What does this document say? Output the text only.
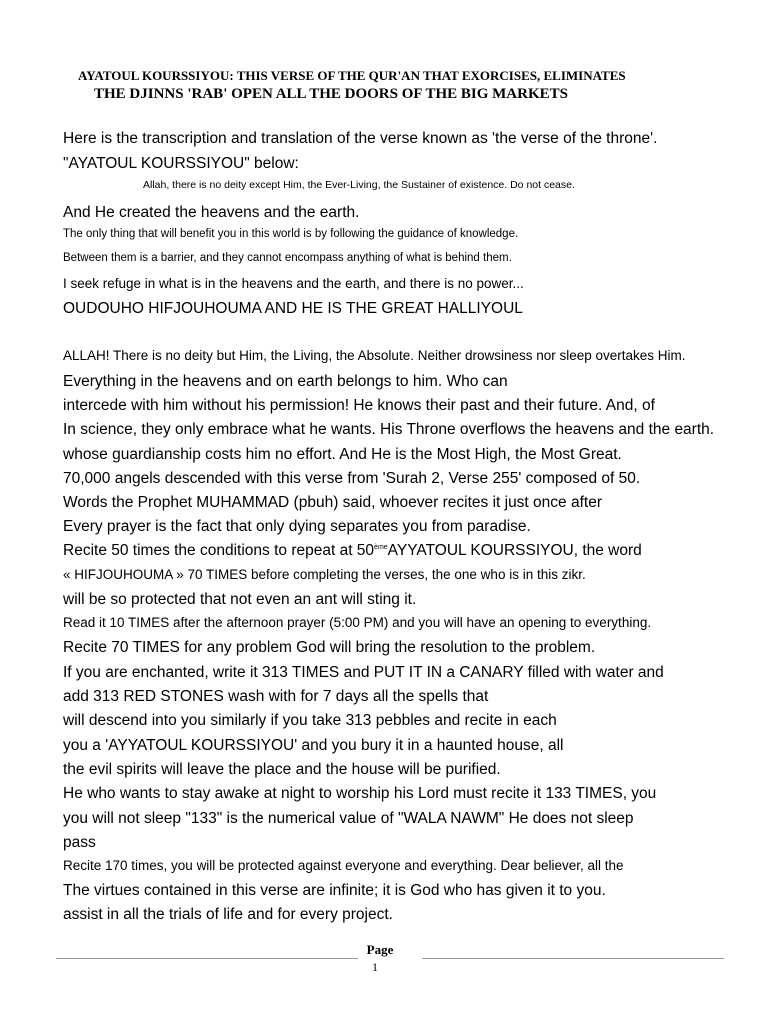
AYATOUL KOURSSIYOU: THIS VERSE OF THE QUR'AN THAT EXORCISES, ELIMINATES
THE DJINNS 'RAB' OPEN ALL THE DOORS OF THE BIG MARKETS
Here is the transcription and translation of the verse known as 'the verse of the throne'.
"AYATOUL KOURSSIYOU" below:
Allah, there is no deity except Him, the Ever-Living, the Sustainer of existence. Do not cease.
And He created the heavens and the earth.
The only thing that will benefit you in this world is by following the guidance of knowledge.
Between them is a barrier, and they cannot encompass anything of what is behind them.
I seek refuge in what is in the heavens and the earth, and there is no power...
OUDOUHO HIFJOUHOUMA AND HE IS THE GREAT HALLIYOUL
ALLAH! There is no deity but Him, the Living, the Absolute. Neither drowsiness nor sleep overtakes Him.
Everything in the heavens and on earth belongs to him. Who can
intercede with him without his permission! He knows their past and their future. And, of
In science, they only embrace what he wants. His Throne overflows the heavens and the earth.
whose guardianship costs him no effort. And He is the Most High, the Most Great.
70,000 angels descended with this verse from 'Surah 2, Verse 255' composed of 50.
Words the Prophet MUHAMMAD (pbuh) said, whoever recites it just once after
Every prayer is the fact that only dying separates you from paradise.
Recite 50 times the conditions to repeat at 50èmeAYYATOUL KOURSSIYOU, the word
« HIFJOUHOUMA » 70 TIMES before completing the verses, the one who is in this zikr.
will be so protected that not even an ant will sting it.
Read it 10 TIMES after the afternoon prayer (5:00 PM) and you will have an opening to everything.
Recite 70 TIMES for any problem God will bring the resolution to the problem.
If you are enchanted, write it 313 TIMES and PUT IT IN a CANARY filled with water and
add 313 RED STONES wash with for 7 days all the spells that
will descend into you similarly if you take 313 pebbles and recite in each
you a 'AYYATOUL KOURSSIYOU' and you bury it in a haunted house, all
the evil spirits will leave the place and the house will be purified.
He who wants to stay awake at night to worship his Lord must recite it 133 TIMES, you
you will not sleep "133" is the numerical value of "WALA NAWM" He does not sleep
pass
Recite 170 times, you will be protected against everyone and everything. Dear believer, all the
The virtues contained in this verse are infinite; it is God who has given it to you.
assist in all the trials of life and for every project.
Page
1
